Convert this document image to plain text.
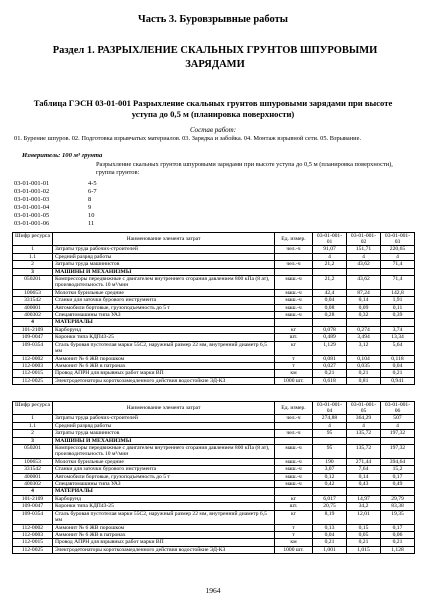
Часть 3. Буровзрывные работы
Раздел 1. РАЗРЫХЛЕНИЕ СКАЛЬНЫХ ГРУНТОВ ШПУРОВЫМИ ЗАРЯДАМИ
Таблица ГЭСН 03-01-001 Разрыхление скальных грунтов шпуровыми зарядами при высоте уступа до 0,5 м (планировка поверхности)
Состав работ:
01. Бурение шпуров. 02. Подготовка взрывчатых материалов. 03. Зарядка и забойка. 04. Монтаж взрывной сети. 05. Взрывание.
Измеритель: 100 м³ грунта
Разрыхление скальных грунтов шпуровыми зарядами при высоте уступа до 0,5 м (планировка поверхности), группа грунтов:
03-01-001-01	4-5
03-01-001-02	6-7
03-01-001-03	8
03-01-001-04	9
03-01-001-05	10
03-01-001-06	11
Шифр ресурса	Наименование элемента затрат	Ед. измер.	03-01-001-01	03-01-001-02	03-01-001-03
1	Затраты труда рабочих-строителей	чел.-ч	91,07	151,71	220,65
1.1	Средний разряд работы		4	4	4
2	Затраты труда машинистов	чел.-ч	21,2	43,62	71,4
3	МАШИНЫ И МЕХАНИЗМЫ				
050201	Компрессоры передвижные с двигателем внутреннего сгорания давлением 800 кПа (8 ат), производительность 10 м³/мин	маш.-ч	21,2	43,62	71,4
100653	Молотки бурильные средние	маш.-ч	42,4	87,24	142,8
331542	Станки для заточки бурового инструмента	маш.-ч	0,04	0,14	1,91
400001	Автомобили бортовые, грузоподъемность до 5 т	маш.-ч	0,08	0,09	0,11
400302	Спецавтомашины типа УАЗ	маш.-ч	0,28	0,32	0,39
4	МАТЕРИАЛЫ				
101-2109	Карборунд	кг	0,078	0,274	3,74
109-0047	Коронки типа КДП43-25	шт.	0,489	3,494	13,34
109-0354	Сталь буровая пустотелая марки 55С2, наружный размер 22 мм, внутренний диаметр 6,5 мм	кг	1,129	3,12	5,64
112-0002	Аммонит № 6 ЖВ порошком	т	0,081	0,104	0,118
112-0003	Аммонит № 6 ЖВ в патронах	т	0,027	0,035	0,04
112-0015	Провод АПРН для взрывных работ марки ВП	км	0,21	0,21	0,21
112-0025	Электродетонаторы короткозамедленного действия водостойкие ЭД-КЗ	1000 шт.	0,618	0,81	0,941
Шифр ресурса	Наименование элемента затрат	Ед. измер.	03-01-001-04	03-01-001-05	03-01-001-06
1	Затраты труда рабочих-строителей	чел.-ч	274,88	364,29	507
1.1	Средний разряд работы		4	4	4
2	Затраты труда машинистов	чел.-ч	95	135,72	197,32
3	МАШИНЫ И МЕХАНИЗМЫ				
050201	Компрессоры передвижные с двигателем внутреннего сгорания давлением 800 кПа (8 ат), производительность 10 м³/мин	маш.-ч	95	135,72	197,32
100653	Молотки бурильные средние	маш.-ч	190	271,44	394,64
331542	Станки для заточки бурового инструмента	маш.-ч	3,07	7,64	15,2
400001	Автомобили бортовые, грузоподъемность до 5 т	маш.-ч	0,12	0,14	0,17
400302	Спецавтомашины типа УАЗ	маш.-ч	0,42	0,43	0,49
4	МАТЕРИАЛЫ				
101-2109	Карборунд	кг	6,017	14,97	29,79
109-0047	Коронки типа КДП43-25	шт.	20,75	34,2	83,38
109-0354	Сталь буровая пустотелая марки 55С2, наружный размер 22 мм, внутренний диаметр 6,5 мм	кг	8,19	12,01	19,35
112-0002	Аммонит № 6 ЖВ порошком	т	0,13	0,15	0,17
112-0003	Аммонит № 6 ЖВ в патронах	т	0,04	0,05	0,06
112-0015	Провод АПРН для взрывных работ марки ВП	км	0,21	0,21	0,21
112-0025	Электродетонаторы короткозамедленного действия водостойкие ЭД-КЗ	1000 шт.	1,001	1,015	1,128
1964
